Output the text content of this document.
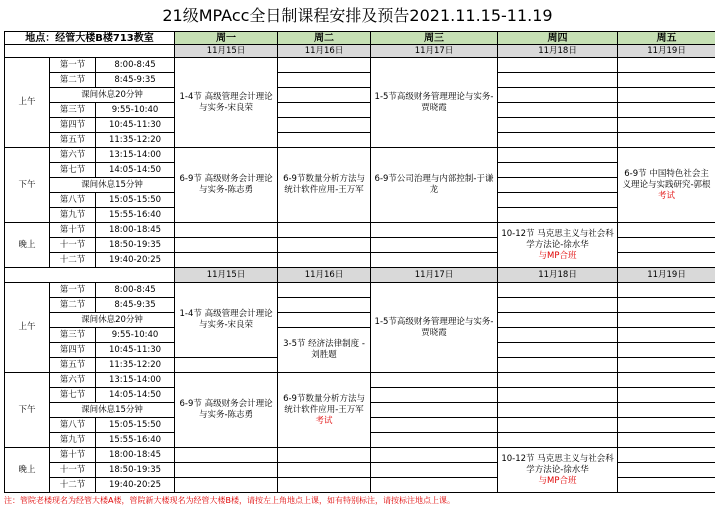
21级MPAcc全日制课程安排及预告2021.11.15-11.19
地点：经管大楼B楼713教室			周一	周二	周三	周四	周五
			11月15日	11月16日	11月17日	11月18日	11月19日
上午	第一节	8:00-8:45	1-4节 高级管理会计理论与实务-宋良荣		1-5节高级财务管理理论与实务- 贾晓霞		
	第二节	8:45-9:35					
	课间休息20分钟						
	第三节	9:55-10:40					
	第四节	10:45-11:30					
	第五节	11:35-12:20					
下午	第六节	13:15-14:00	6-9节 高级财务会计理论与实务-陈志勇	6-9节数量分析方法与统计软件应用-王万军	6-9节公司治理与内部控制-于谦龙		6-9节 中国特色社会主义理论与实践研究-郭根考试
	第七节	14:05-14:50					
	课间休息15分钟						
	第八节	15:05-15:50					
	第九节	15:55-16:40					
晚上	第十节	18:00-18:45				10-12节 马克思主义与社会科学方法论-徐水华
与MP合班	
	十一节	18:50-19:35					
	十二节	19:40-20:25					
			11月15日	11月16日	11月17日	11月18日	11月19日
上午	第一节	8:00-8:45	1-4节 高级管理会计理论与实务-宋良荣		1-5节高级财务管理理论与实务- 贾晓霞		
	第二节	8:45-9:35					
	课间休息20分钟						
	第三节	9:55-10:40		3-5节 经济法律制度 -刘胜题			
	第四节	10:45-11:30					
	第五节	11:35-12:20					
下午	第六节	13:15-14:00	6-9节 高级财务会计理论与实务-陈志勇	6-9节数量分析方法与统计软件应用-王万军考试			
	第七节	14:05-14:50					
	课间休息15分钟						
	第八节	15:05-15:50					
	第九节	15:55-16:40					
晚上	第十节	18:00-18:45				10-12节 马克思主义与社会科学方法论-徐水华
与MP合班	
	十一节	18:50-19:35					
	十二节	19:40-20:25					
注：管院老楼现名为经管大楼A楼，管院新大楼现名为经管大楼B楼，请按左上角地点上课，如有特别标注，请按标注地点上课。
